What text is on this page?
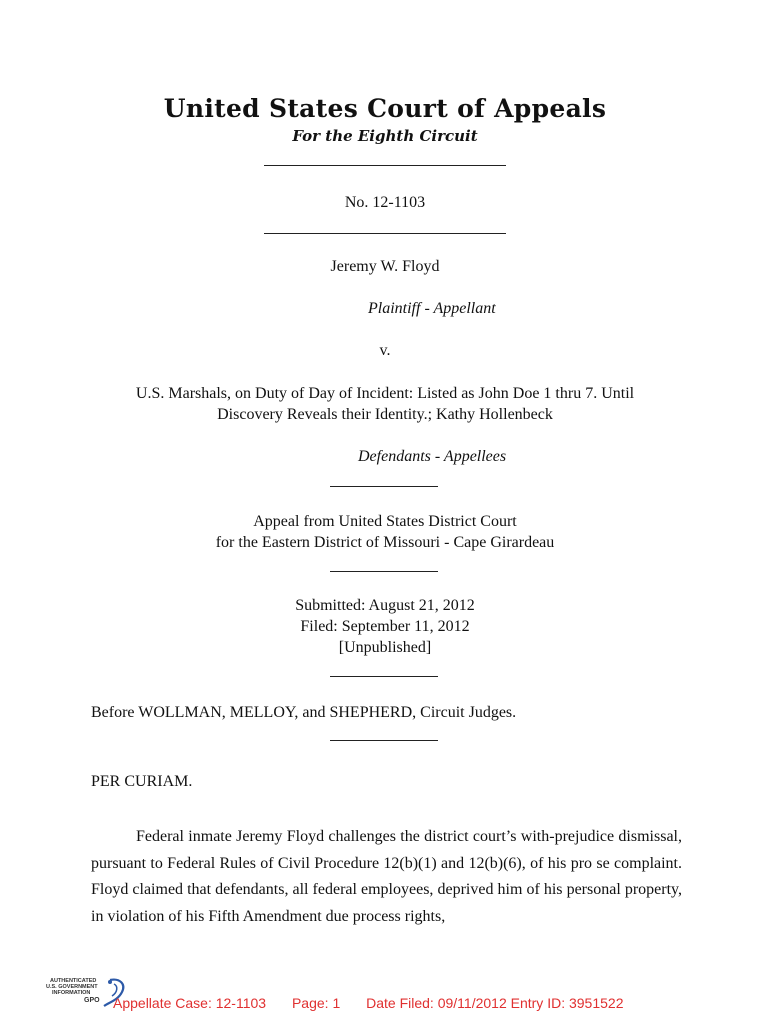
United States Court of Appeals
For the Eighth Circuit
No. 12-1103
Jeremy W. Floyd
Plaintiff - Appellant
v.
U.S. Marshals, on Duty of Day of Incident: Listed as John Doe 1 thru 7. Until
Discovery Reveals their Identity.; Kathy Hollenbeck
Defendants - Appellees
Appeal from United States District Court
for the Eastern District of Missouri - Cape Girardeau
Submitted: August 21, 2012
Filed: September 11, 2012
[Unpublished]
Before WOLLMAN, MELLOY, and SHEPHERD, Circuit Judges.
PER CURIAM.
Federal inmate Jeremy Floyd challenges the district court’s with-prejudice dismissal, pursuant to Federal Rules of Civil Procedure 12(b)(1) and 12(b)(6), of his pro se complaint. Floyd claimed that defendants, all federal employees, deprived him of his personal property, in violation of his Fifth Amendment due process rights,
AUTHENTICATED
U.S. GOVERNMENT
INFORMATION
GPO Appellate Case: 12-1103 Page: 1 Date Filed: 09/11/2012 Entry ID: 3951522
